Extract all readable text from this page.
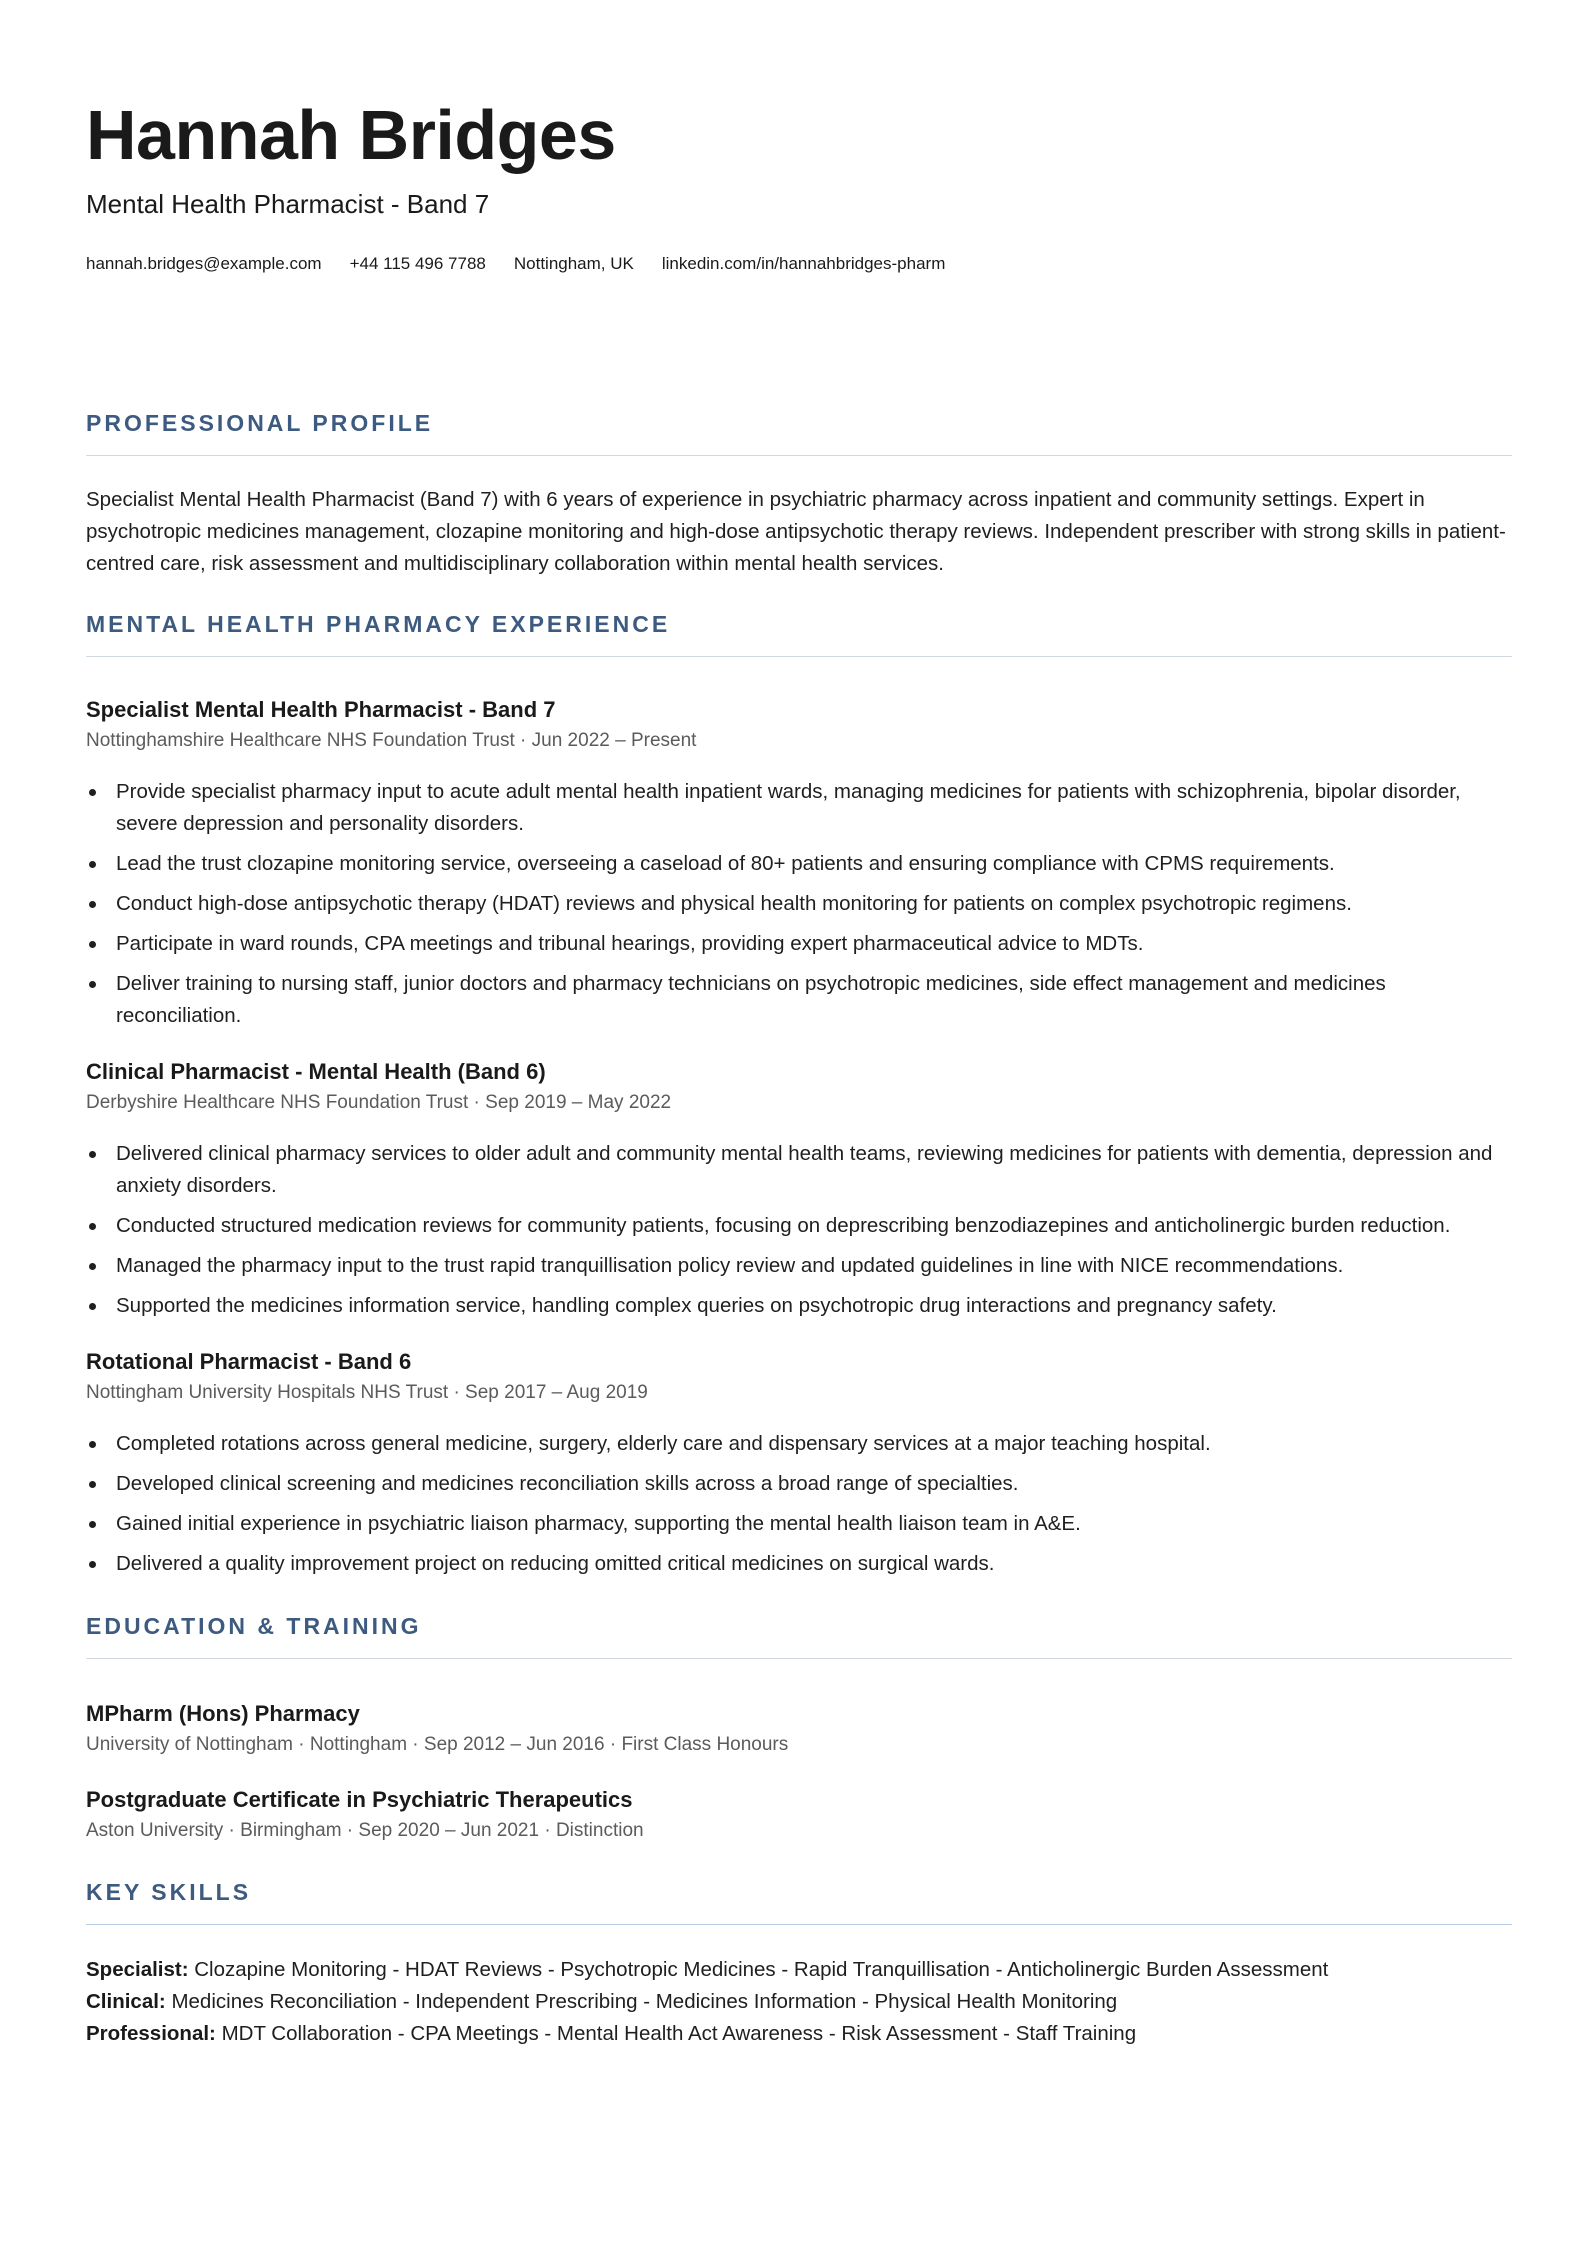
Hannah Bridges
Mental Health Pharmacist - Band 7
hannah.bridges@example.com +44 115 496 7788 Nottingham, UK linkedin.com/in/hannahbridges-pharm
PROFESSIONAL PROFILE

Specialist Mental Health Pharmacist (Band 7) with 6 years of experience in psychiatric pharmacy across inpatient and community settings. Expert in psychotropic medicines management, clozapine monitoring and high-dose antipsychotic therapy reviews. Independent prescriber with strong skills in patient-centred care, risk assessment and multidisciplinary collaboration within mental health services.

MENTAL HEALTH PHARMACY EXPERIENCE
Specialist Mental Health Pharmacist - Band 7
Nottinghamshire Healthcare NHS Foundation Trust · Jun 2022 – Present
Provide specialist pharmacy input to acute adult mental health inpatient wards, managing medicines for patients with schizophrenia, bipolar disorder, severe depression and personality disorders.
Lead the trust clozapine monitoring service, overseeing a caseload of 80+ patients and ensuring compliance with CPMS requirements.
Conduct high-dose antipsychotic therapy (HDAT) reviews and physical health monitoring for patients on complex psychotropic regimens.
Participate in ward rounds, CPA meetings and tribunal hearings, providing expert pharmaceutical advice to MDTs.
Deliver training to nursing staff, junior doctors and pharmacy technicians on psychotropic medicines, side effect management and medicines reconciliation.
Clinical Pharmacist - Mental Health (Band 6)
Derbyshire Healthcare NHS Foundation Trust · Sep 2019 – May 2022
Delivered clinical pharmacy services to older adult and community mental health teams, reviewing medicines for patients with dementia, depression and anxiety disorders.
Conducted structured medication reviews for community patients, focusing on deprescribing benzodiazepines and anticholinergic burden reduction.
Managed the pharmacy input to the trust rapid tranquillisation policy review and updated guidelines in line with NICE recommendations.
Supported the medicines information service, handling complex queries on psychotropic drug interactions and pregnancy safety.
Rotational Pharmacist - Band 6
Nottingham University Hospitals NHS Trust · Sep 2017 – Aug 2019
Completed rotations across general medicine, surgery, elderly care and dispensary services at a major teaching hospital.
Developed clinical screening and medicines reconciliation skills across a broad range of specialties.
Gained initial experience in psychiatric liaison pharmacy, supporting the mental health liaison team in A&E.
Delivered a quality improvement project on reducing omitted critical medicines on surgical wards.
EDUCATION & TRAINING
MPharm (Hons) Pharmacy
University of Nottingham · Nottingham · Sep 2012 – Jun 2016 · First Class Honours
Postgraduate Certificate in Psychiatric Therapeutics
Aston University · Birmingham · Sep 2020 – Jun 2021 · Distinction
KEY SKILLS
Specialist: Clozapine Monitoring - HDAT Reviews - Psychotropic Medicines - Rapid Tranquillisation - Anticholinergic Burden Assessment
Clinical: Medicines Reconciliation - Independent Prescribing - Medicines Information - Physical Health Monitoring
Professional: MDT Collaboration - CPA Meetings - Mental Health Act Awareness - Risk Assessment - Staff Training
